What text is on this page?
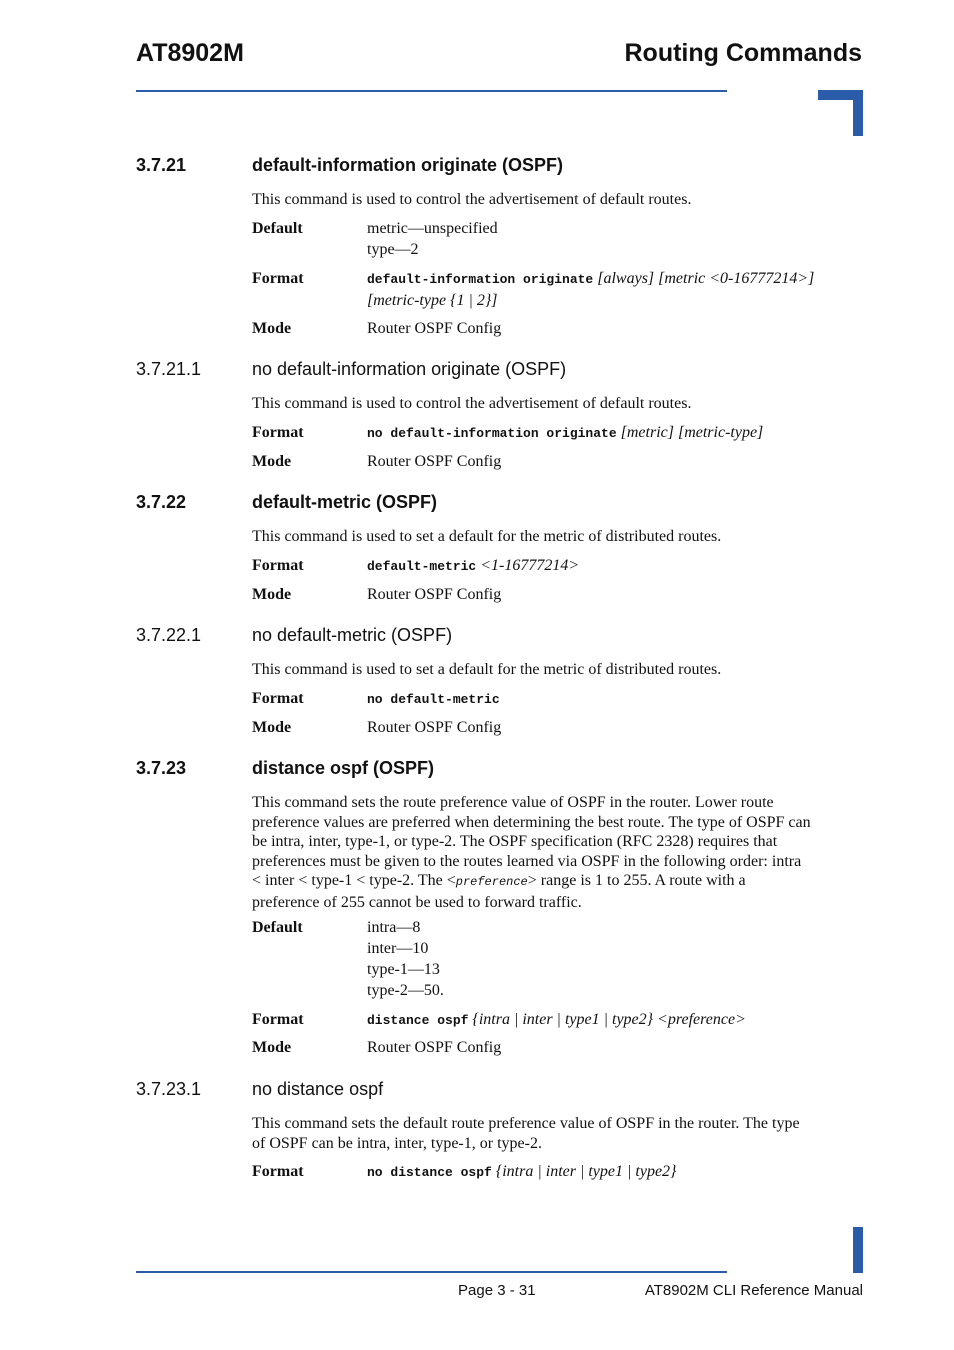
AT8902M	Routing Commands
3.7.21	default-information originate (OSPF)
This command is used to control the advertisement of default routes.
Default	metric—unspecified
type—2
Format	default-information originate [always] [metric <0-16777214>]
[metric-type {1 | 2}]
Mode	Router OSPF Config
3.7.21.1	no default-information originate (OSPF)
This command is used to control the advertisement of default routes.
Format	no default-information originate [metric] [metric-type]
Mode	Router OSPF Config
3.7.22	default-metric (OSPF)
This command is used to set a default for the metric of distributed routes.
Format	default-metric <1-16777214>
Mode	Router OSPF Config
3.7.22.1	no default-metric (OSPF)
This command is used to set a default for the metric of distributed routes.
Format	no default-metric
Mode	Router OSPF Config
3.7.23	distance ospf (OSPF)
This command sets the route preference value of OSPF in the router. Lower route
preference values are preferred when determining the best route. The type of OSPF can
be intra, inter, type-1, or type-2. The OSPF specification (RFC 2328) requires that
preferences must be given to the routes learned via OSPF in the following order: intra
< inter < type-1 < type-2. The <preference> range is 1 to 255. A route with a
preference of 255 cannot be used to forward traffic.
Default	intra—8
inter—10
type-1—13
type-2—50.
Format	distance ospf {intra | inter | type1 | type2} <preference>
Mode	Router OSPF Config
3.7.23.1	no distance ospf
This command sets the default route preference value of OSPF in the router. The type
of OSPF can be intra, inter, type-1, or type-2.
Format	no distance ospf {intra | inter | type1 | type2}
Page 3 - 31	AT8902M CLI Reference Manual
